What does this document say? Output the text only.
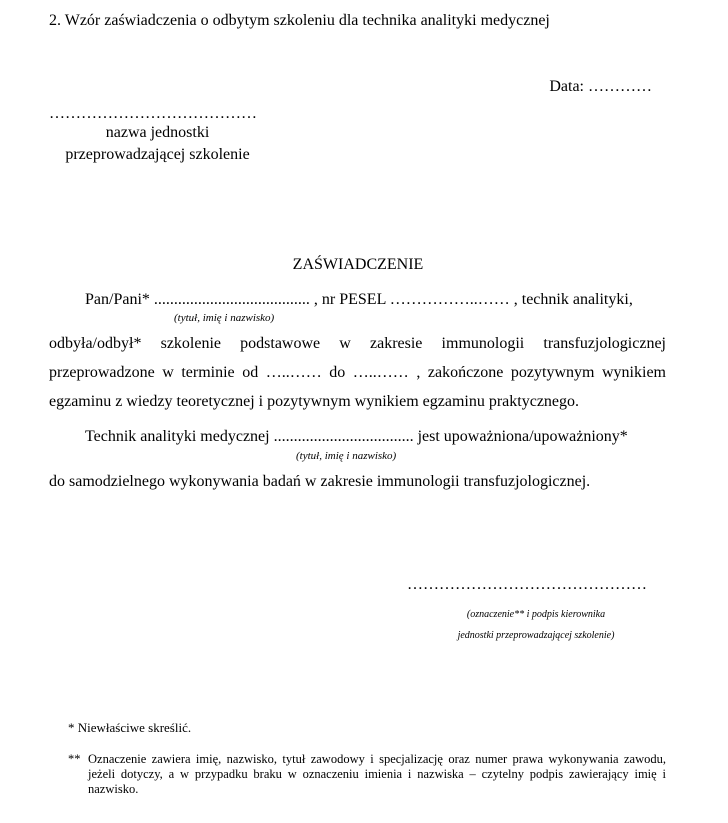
2. Wzór zaświadczenia o odbytym szkoleniu dla technika analityki medycznej
Data: …………
…………………………………
nazwa jednostki
przeprowadzającej szkolenie
ZAŚWIADCZENIE
Pan/Pani* ....................................... , nr PESEL ……………..…… , technik analityki,
(tytuł, imię i nazwisko)
odbyła/odbył* szkolenie podstawowe w zakresie immunologii transfuzjologicznej
przeprowadzone w terminie od …..…… do …..…… , zakończone pozytywnym wynikiem
egzaminu z wiedzy teoretycznej i pozytywnym wynikiem egzaminu praktycznego.
Technik analityki medycznej ................................... jest upoważniona/upoważniony*
(tytuł, imię i nazwisko)
do samodzielnego wykonywania badań w zakresie immunologii transfuzjologicznej.
………………………………………
(oznaczenie** i podpis kierownika
jednostki przeprowadzającej szkolenie)
* Niewłaściwe skreślić.
** Oznaczenie zawiera imię, nazwisko, tytuł zawodowy i specjalizację oraz numer prawa wykonywania zawodu, jeżeli dotyczy, a w przypadku braku w oznaczeniu imienia i nazwiska – czytelny podpis zawierający imię i nazwisko.
